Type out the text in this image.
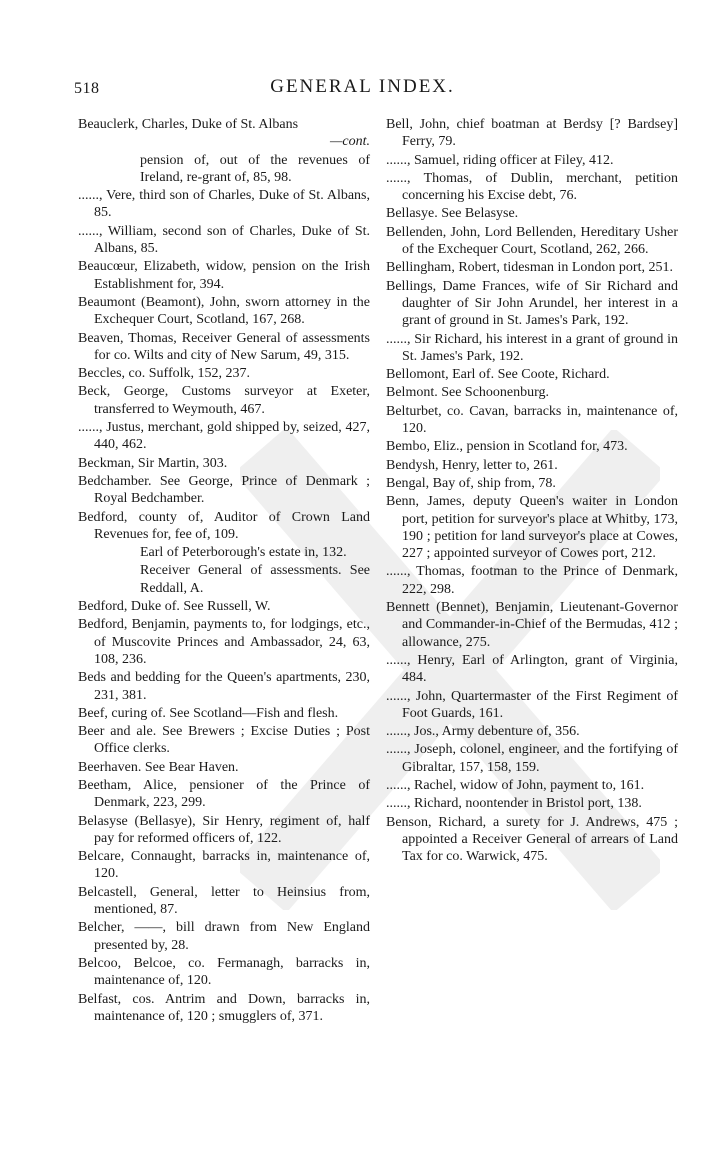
518	GENERAL INDEX.

Beauclerk, Charles, Duke of St. Albans
—cont.

pension of, out of the revenues of Ireland, re-grant of, 85, 98.

......, Vere, third son of Charles, Duke of St. Albans, 85.

......, William, second son of Charles, Duke of St. Albans, 85.

Beaucœur, Elizabeth, widow, pension on the Irish Establishment for, 394.

Beaumont (Beamont), John, sworn attorney in the Exchequer Court, Scotland, 167, 268.

Beaven, Thomas, Receiver General of assessments for co. Wilts and city of New Sarum, 49, 315.

Beccles, co. Suffolk, 152, 237.

Beck, George, Customs surveyor at Exeter, transferred to Weymouth, 467.

......, Justus, merchant, gold shipped by, seized, 427, 440, 462.

Beckman, Sir Martin, 303.

Bedchamber. See George, Prince of Denmark ; Royal Bedchamber.

Bedford, county of, Auditor of Crown Land Revenues for, fee of, 109.

Earl of Peterborough's estate in, 132.

Receiver General of assessments. See Reddall, A.

Bedford, Duke of. See Russell, W.

Bedford, Benjamin, payments to, for lodgings, etc., of Muscovite Princes and Ambassador, 24, 63, 108, 236.

Beds and bedding for the Queen's apartments, 230, 231, 381.

Beef, curing of. See Scotland—Fish and flesh.

Beer and ale. See Brewers ; Excise Duties ; Post Office clerks.

Beerhaven. See Bear Haven.

Beetham, Alice, pensioner of the Prince of Denmark, 223, 299.

Belasyse (Bellasye), Sir Henry, regiment of, half pay for reformed officers of, 122.

Belcare, Connaught, barracks in, maintenance of, 120.

Belcastell, General, letter to Heinsius from, mentioned, 87.

Belcher, ——, bill drawn from New England presented by, 28.

Belcoo, Belcoe, co. Fermanagh, barracks in, maintenance of, 120.

Belfast, cos. Antrim and Down, barracks in, maintenance of, 120 ; smugglers of, 371.

Bell, John, chief boatman at Berdsy [? Bardsey] Ferry, 79.

......, Samuel, riding officer at Filey, 412.

......, Thomas, of Dublin, merchant, petition concerning his Excise debt, 76.

Bellasye. See Belasyse.

Bellenden, John, Lord Bellenden, Hereditary Usher of the Exchequer Court, Scotland, 262, 266.

Bellingham, Robert, tidesman in London port, 251.

Bellings, Dame Frances, wife of Sir Richard and daughter of Sir John Arundel, her interest in a grant of ground in St. James's Park, 192.

......, Sir Richard, his interest in a grant of ground in St. James's Park, 192.

Bellomont, Earl of. See Coote, Richard.

Belmont. See Schoonenburg.

Belturbet, co. Cavan, barracks in, maintenance of, 120.

Bembo, Eliz., pension in Scotland for, 473.

Bendysh, Henry, letter to, 261.

Bengal, Bay of, ship from, 78.

Benn, James, deputy Queen's waiter in London port, petition for surveyor's place at Whitby, 173, 190 ; petition for land surveyor's place at Cowes, 227 ; appointed surveyor of Cowes port, 212.

......, Thomas, footman to the Prince of Denmark, 222, 298.

Bennett (Bennet), Benjamin, Lieutenant-Governor and Commander-in-Chief of the Bermudas, 412 ; allowance, 275.

......, Henry, Earl of Arlington, grant of Virginia, 484.

......, John, Quartermaster of the First Regiment of Foot Guards, 161.

......, Jos., Army debenture of, 356.

......, Joseph, colonel, engineer, and the fortifying of Gibraltar, 157, 158, 159.

......, Rachel, widow of John, payment to, 161.

......, Richard, noontender in Bristol port, 138.

Benson, Richard, a surety for J. Andrews, 475 ; appointed a Receiver General of arrears of Land Tax for co. Warwick, 475.
